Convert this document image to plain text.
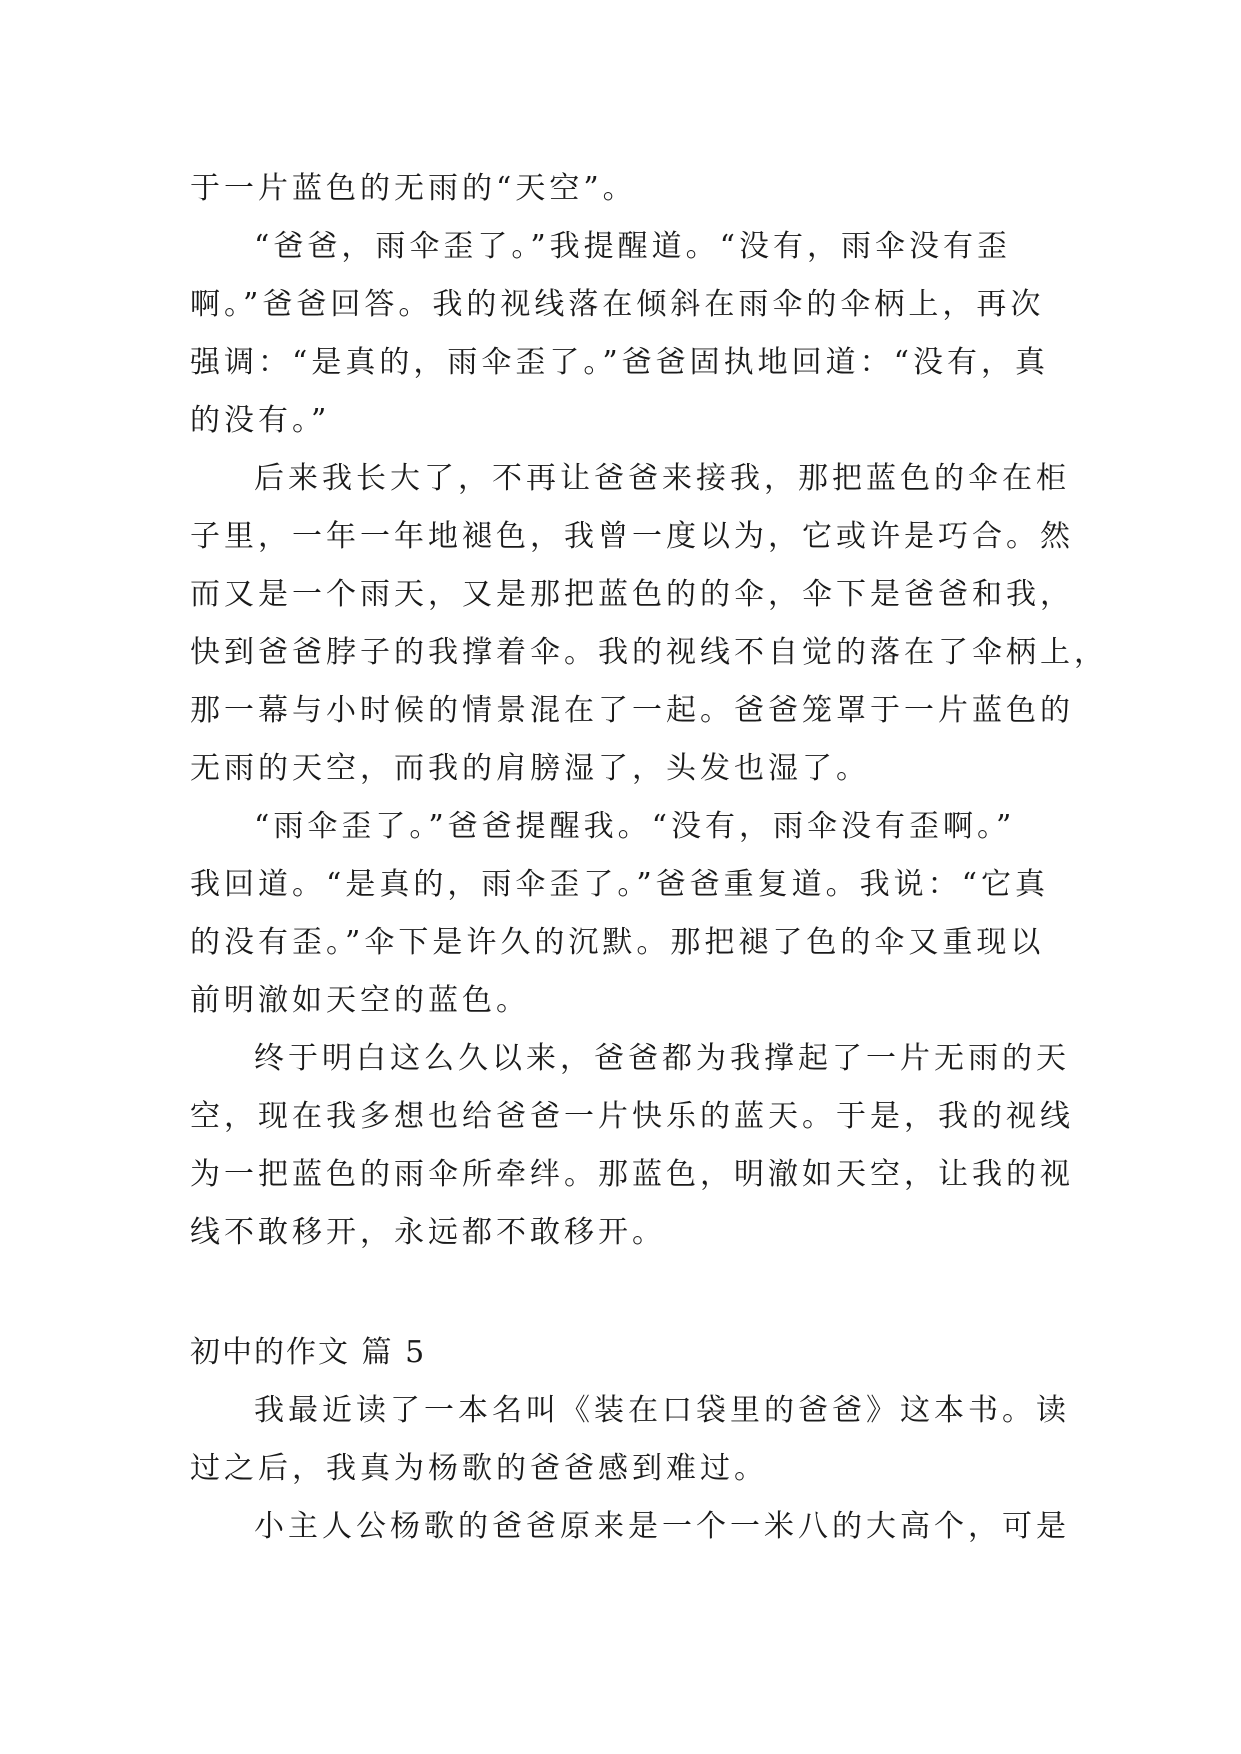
于一片蓝色的无雨的“天空”。
“爸爸，雨伞歪了。”我提醒道。“没有，雨伞没有歪
啊。”爸爸回答。我的视线落在倾斜在雨伞的伞柄上，再次
强调：“是真的，雨伞歪了。”爸爸固执地回道：“没有，真
的没有。”
后来我长大了，不再让爸爸来接我，那把蓝色的伞在柜
子里，一年一年地褪色，我曾一度以为，它或许是巧合。然
而又是一个雨天，又是那把蓝色的的伞，伞下是爸爸和我，
快到爸爸脖子的我撑着伞。我的视线不自觉的落在了伞柄上，
那一幕与小时候的情景混在了一起。爸爸笼罩于一片蓝色的
无雨的天空，而我的肩膀湿了，头发也湿了。
“雨伞歪了。”爸爸提醒我。“没有，雨伞没有歪啊。”
我回道。“是真的，雨伞歪了。”爸爸重复道。我说：“它真
的没有歪。”伞下是许久的沉默。那把褪了色的伞又重现以
前明澈如天空的蓝色。
终于明白这么久以来，爸爸都为我撑起了一片无雨的天
空，现在我多想也给爸爸一片快乐的蓝天。于是，我的视线
为一把蓝色的雨伞所牵绊。那蓝色，明澈如天空，让我的视
线不敢移开，永远都不敢移开。
初中的作文 篇 5
我最近读了一本名叫《装在口袋里的爸爸》这本书。读
过之后，我真为杨歌的爸爸感到难过。
小主人公杨歌的爸爸原来是一个一米八的大高个，可是
